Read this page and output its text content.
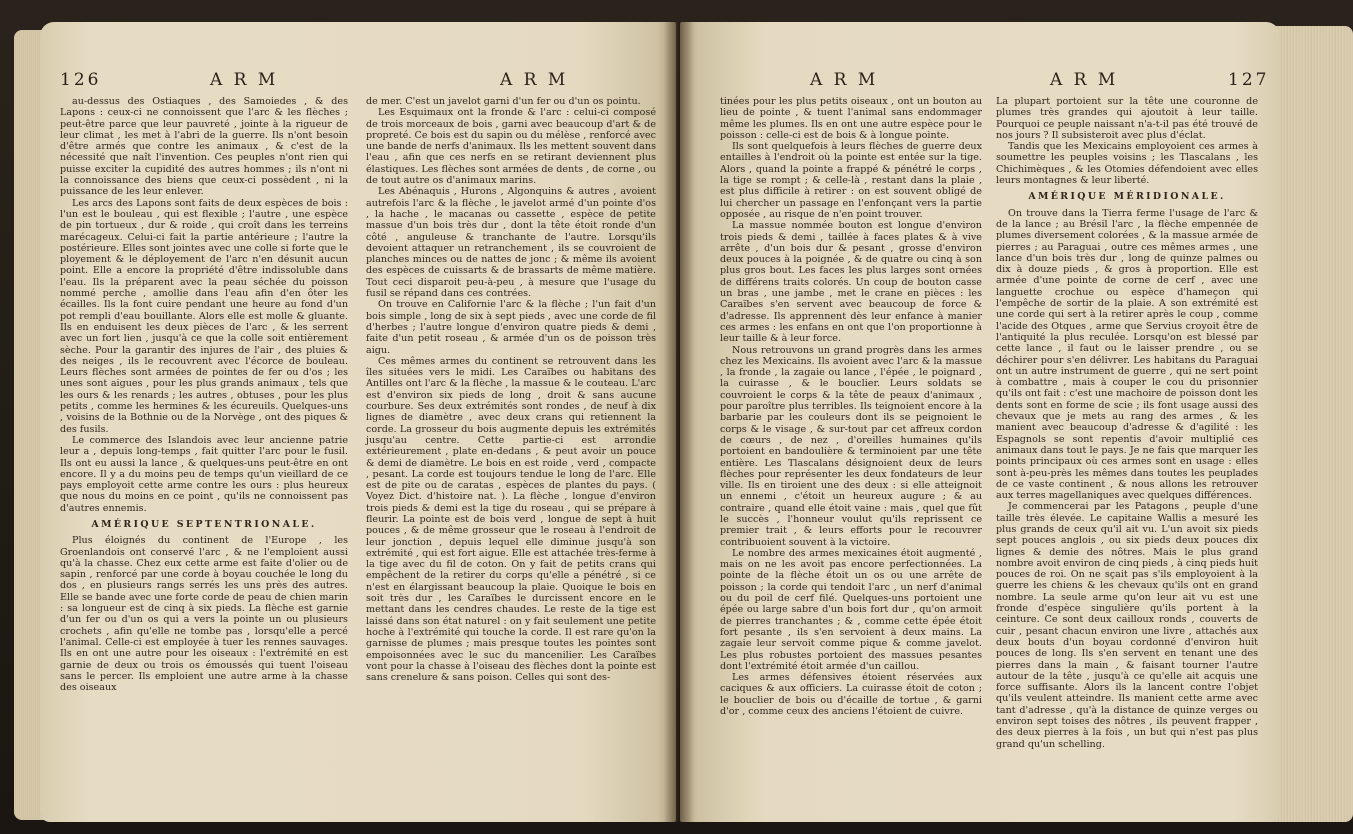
126	A R M	A R M

au-dessus des Ostiaques , des Samoiedes , & des Lapons : ceux-ci ne connoissent que l'arc & les flèches ; peut-être parce que leur pauvreté , jointe à la rigueur de leur climat , les met à l'abri de la guerre. Ils n'ont besoin d'être armés que contre les animaux , & c'est de la nécessité que naît l'invention. Ces peuples n'ont rien qui puisse exciter la cupidité des autres hommes ; ils n'ont ni la connoissance des biens que ceux-ci possèdent , ni la puissance de les leur enlever.

Les arcs des Lapons sont faits de deux espèces de bois : l'un est le bouleau , qui est flexible ; l'autre , une espèce de pin tortueux , dur & roide , qui croît dans les terreins marécageux. Celui-ci fait la partie antérieure ; l'autre la postérieure. Elles sont jointes avec une colle si forte que le ployement & le déployement de l'arc n'en désunit aucun point. Elle a encore la propriété d'être indissoluble dans l'eau. Ils la préparent avec la peau séchée du poisson nommé perche , amollie dans l'eau afin d'en ôter les écailles. Ils la font cuire pendant une heure au fond d'un pot rempli d'eau bouillante. Alors elle est molle & gluante. Ils en enduisent les deux pièces de l'arc , & les serrent avec un fort lien , jusqu'à ce que la colle soit entièrement sèche. Pour la garantir des injures de l'air , des pluies & des neiges , ils le recouvrent avec l'écorce de bouleau. Leurs flèches sont armées de pointes de fer ou d'os ; les unes sont aigues , pour les plus grands animaux , tels que les ours & les renards ; les autres , obtuses , pour les plus petits , comme les hermines & les écureuils. Quelques-uns , voisins de la Bothnie ou de la Norvège , ont des piques & des fusils.

Le commerce des Islandois avec leur ancienne patrie leur a , depuis long-temps , fait quitter l'arc pour le fusil. Ils ont eu aussi la lance , & quelques-uns peut-être en ont encore. Il y a du moins peu de temps qu'un vieillard de ce pays employoit cette arme contre les ours : plus heureux que nous du moins en ce point , qu'ils ne connoissent pas d'autres ennemis.

AMÉRIQUE SEPTENTRIONALE.

Plus éloignés du continent de l'Europe , les Groenlandois ont conservé l'arc , & ne l'emploient aussi qu'à la chasse. Chez eux cette arme est faite d'olier ou de sapin , renforcé par une corde à boyau couchée le long du dos , en plusieurs rangs serrés les uns près des autres. Elle se bande avec une forte corde de peau de chien marin : sa longueur est de cinq à six pieds. La flèche est garnie d'un fer ou d'un os qui a vers la pointe un ou plusieurs crochets , afin qu'elle ne tombe pas , lorsqu'elle a percé l'animal. Celle-ci est employée à tuer les rennes sauvages. Ils en ont une autre pour les oiseaux : l'extrémité en est garnie de deux ou trois os émoussés qui tuent l'oiseau sans le percer. Ils emploient une autre arme à la chasse des oiseaux

de mer. C'est un javelot garni d'un fer ou d'un os pointu.

Les Esquimaux ont la fronde & l'arc : celui-ci composé de trois morceaux de bois , garni avec beaucoup d'art & de propreté. Ce bois est du sapin ou du mélèse , renforcé avec une bande de nerfs d'animaux. Ils les mettent souvent dans l'eau , afin que ces nerfs en se retirant deviennent plus élastiques. Les flèches sont armées de dents , de corne , ou de tout autre os d'animaux marins.

Les Abénaquis , Hurons , Algonquins & autres , avoient autrefois l'arc & la flèche , le javelot armé d'un pointe d'os , la hache , le macanas ou cassette , espèce de petite massue d'un bois très dur , dont la tête étoit ronde d'un côté , anguleuse & tranchante de l'autre. Lorsqu'ils devoient attaquer un retranchement , ils se couvroient de planches minces ou de nattes de jonc ; & même ils avoient des espèces de cuissarts & de brassarts de même matière. Tout ceci disparoit peu-à-peu , à mesure que l'usage du fusil se répand dans ces contrées.

On trouve en Californie l'arc & la flèche ; l'un fait d'un bois simple , long de six à sept pieds , avec une corde de fil d'herbes ; l'autre longue d'environ quatre pieds & demi , faite d'un petit roseau , & armée d'un os de poisson très aigu.

Ces mêmes armes du continent se retrouvent dans les îles situées vers le midi. Les Caraïbes ou habitans des Antilles ont l'arc & la flèche , la massue & le couteau. L'arc est d'environ six pieds de long , droit & sans aucune courbure. Ses deux extrémités sont rondes , de neuf à dix lignes de diamètre , avec deux crans qui retiennent la corde. La grosseur du bois augmente depuis les extrémités jusqu'au centre. Cette partie-ci est arrondie extérieurement , plate en-dedans , & peut avoir un pouce & demi de diamètre. Le bois en est roide , verd , compacte , pesant. La corde est toujours tendue le long de l'arc. Elle est de pite ou de caratas , espèces de plantes du pays. ( Voyez Dict. d'histoire nat. ). La flèche , longue d'environ trois pieds & demi est la tige du roseau , qui se prépare à fleurir. La pointe est de bois verd , longue de sept à huit pouces , & de même grosseur que le roseau à l'endroit de leur jonction , depuis lequel elle diminue jusqu'à son extrémité , qui est fort aigue. Elle est attachée très-ferme à la tige avec du fil de coton. On y fait de petits crans qui empêchent de la retirer du corps qu'elle a pénétré , si ce n'est en élargissant beaucoup la plaie. Quoique le bois en soit très dur , les Caraïbes le durcissent encore en le mettant dans les cendres chaudes. Le reste de la tige est laissé dans son état naturel : on y fait seulement une petite hoche à l'extrémité qui touche la corde. Il est rare qu'on la garnisse de plumes ; mais presque toutes les pointes sont empoisonnées avec le suc du mancenilier. Les Caraïbes vont pour la chasse à l'oiseau des flèches dont la pointe est sans crenelure & sans poison. Celles qui sont des-

A R M	A R M	127

tinées pour les plus petits oiseaux , ont un bouton au lieu de pointe , & tuent l'animal sans endommager même les plumes. Ils en ont une autre espèce pour le poisson : celle-ci est de bois & à longue pointe.

Ils sont quelquefois à leurs flèches de guerre deux entailles à l'endroit où la pointe est entée sur la tige. Alors , quand la pointe a frappé & pénétré le corps , la tige se rompt ; & celle-là , restant dans la plaie , est plus difficile à retirer : on est souvent obligé de lui chercher un passage en l'enfonçant vers la partie opposée , au risque de n'en point trouver.

La massue nommée bouton est longue d'environ trois pieds & demi , taillée à faces plates & à vive arrête , d'un bois dur & pesant , grosse d'environ deux pouces à la poignée , & de quatre ou cinq à son plus gros bout. Les faces les plus larges sont ornées de différens traits colorés. Un coup de bouton casse un bras , une jambe , met le crane en pièces : les Caraïbes s'en servent avec beaucoup de force & d'adresse. Ils apprennent dès leur enfance à manier ces armes : les enfans en ont que l'on proportionne à leur taille & à leur force.

Nous retrouvons un grand progrès dans les armes chez les Mexicains. Ils avoient avec l'arc & la massue , la fronde , la zagaie ou lance , l'épée , le poignard , la cuirasse , & le bouclier. Leurs soldats se couvroient le corps & la tête de peaux d'animaux , pour paroître plus terribles. Ils teignoient encore à la barbarie par les couleurs dont ils se peignoient le corps & le visage , & sur-tout par cet affreux cordon de cœurs , de nez , d'oreilles humaines qu'ils portoient en bandoulière & terminoient par une tête entière. Les Tlascalans désignoient deux de leurs flèches pour représenter les deux fondateurs de leur ville. Ils en tiroient une des deux : si elle atteignoit un ennemi , c'étoit un heureux augure ; & au contraire , quand elle étoit vaine : mais , quel que fût le succès , l'honneur voulut qu'ils reprissent ce premier trait , & leurs efforts pour le recouvrer contribuoient souvent à la victoire.

Le nombre des armes mexicaines étoit augmenté , mais on ne les avoit pas encore perfectionnées. La pointe de la flèche étoit un os ou une arrête de poisson ; la corde qui tendoit l'arc , un nerf d'animal ou du poil de cerf filé. Quelques-uns portoient une épée ou large sabre d'un bois fort dur , qu'on armoit de pierres tranchantes ; & , comme cette épée étoit fort pesante , ils s'en servoient à deux mains. La zagaie leur servoit comme pique & comme javelot. Les plus robustes portoient des massues pesantes dont l'extrémité étoit armée d'un caillou.

Les armes défensives étoient réservées aux caciques & aux officiers. La cuirasse étoit de coton ; le bouclier de bois ou d'écaille de tortue , & garni d'or , comme ceux des anciens l'étoient de cuivre.

La plupart portoient sur la tête une couronne de plumes très grandes qui ajoutoit à leur taille. Pourquoi ce peuple naissant n'a-t-il pas été trouvé de nos jours ? Il subsisteroit avec plus d'éclat.

Tandis que les Mexicains employoient ces armes à soumettre les peuples voisins ; les Tlascalans , les Chichimèques , & les Otomies défendoient avec elles leurs montagnes & leur liberté.

AMÉRIQUE MÉRIDIONALE.

On trouve dans la Tierra ferme l'usage de l'arc & de la lance ; au Brésil l'arc , la flèche empennée de plumes diversement colorées , & la massue armée de pierres ; au Paraguai , outre ces mêmes armes , une lance d'un bois très dur , long de quinze palmes ou dix à douze pieds , & gros à proportion. Elle est armée d'une pointe de corne de cerf , avec une languette crochue ou espèce d'hameçon qui l'empêche de sortir de la plaie. A son extrémité est une corde qui sert à la retirer après le coup , comme l'acide des Otques , arme que Servius croyoit être de l'antiquité la plus reculée. Lorsqu'on est blessé par cette lance , il faut ou le laisser prendre , ou se déchirer pour s'en délivrer. Les habitans du Paraguai ont un autre instrument de guerre , qui ne sert point à combattre , mais à couper le cou du prisonnier qu'ils ont fait : c'est une machoire de poisson dont les dents sont en forme de scie ; ils font usage aussi des chevaux que je mets au rang des armes , & les manient avec beaucoup d'adresse & d'agilité : les Espagnols se sont repentis d'avoir multiplié ces animaux dans tout le pays. Je ne fais que marquer les points principaux où ces armes sont en usage : elles sont à-peu-près les mêmes dans toutes les peuplades de ce vaste continent , & nous allons les retrouver aux terres magellaniques avec quelques différences.

Je commencerai par les Patagons , peuple d'une taille très élevée. Le capitaine Wallis a mesuré les plus grands de ceux qu'il ait vu. L'un avoit six pieds sept pouces anglois , ou six pieds deux pouces dix lignes & demie des nôtres. Mais le plus grand nombre avoit environ de cinq pieds , à cinq pieds huit pouces de roi. On ne sçait pas s'ils employoient à la guerre les chiens & les chevaux qu'ils ont en grand nombre. La seule arme qu'on leur ait vu est une fronde d'espèce singulière qu'ils portent à la ceinture. Ce sont deux cailloux ronds , couverts de cuir , pesant chacun environ une livre , attachés aux deux bouts d'un boyau cordonné d'environ huit pouces de long. Ils s'en servent en tenant une des pierres dans la main , & faisant tourner l'autre autour de la tête , jusqu'à ce qu'elle ait acquis une force suffisante. Alors ils la lancent contre l'objet qu'ils veulent atteindre. Ils manient cette arme avec tant d'adresse , qu'à la distance de quinze verges ou environ sept toises des nôtres , ils peuvent frapper , des deux pierres à la fois , un but qui n'est pas plus grand qu'un schelling.
